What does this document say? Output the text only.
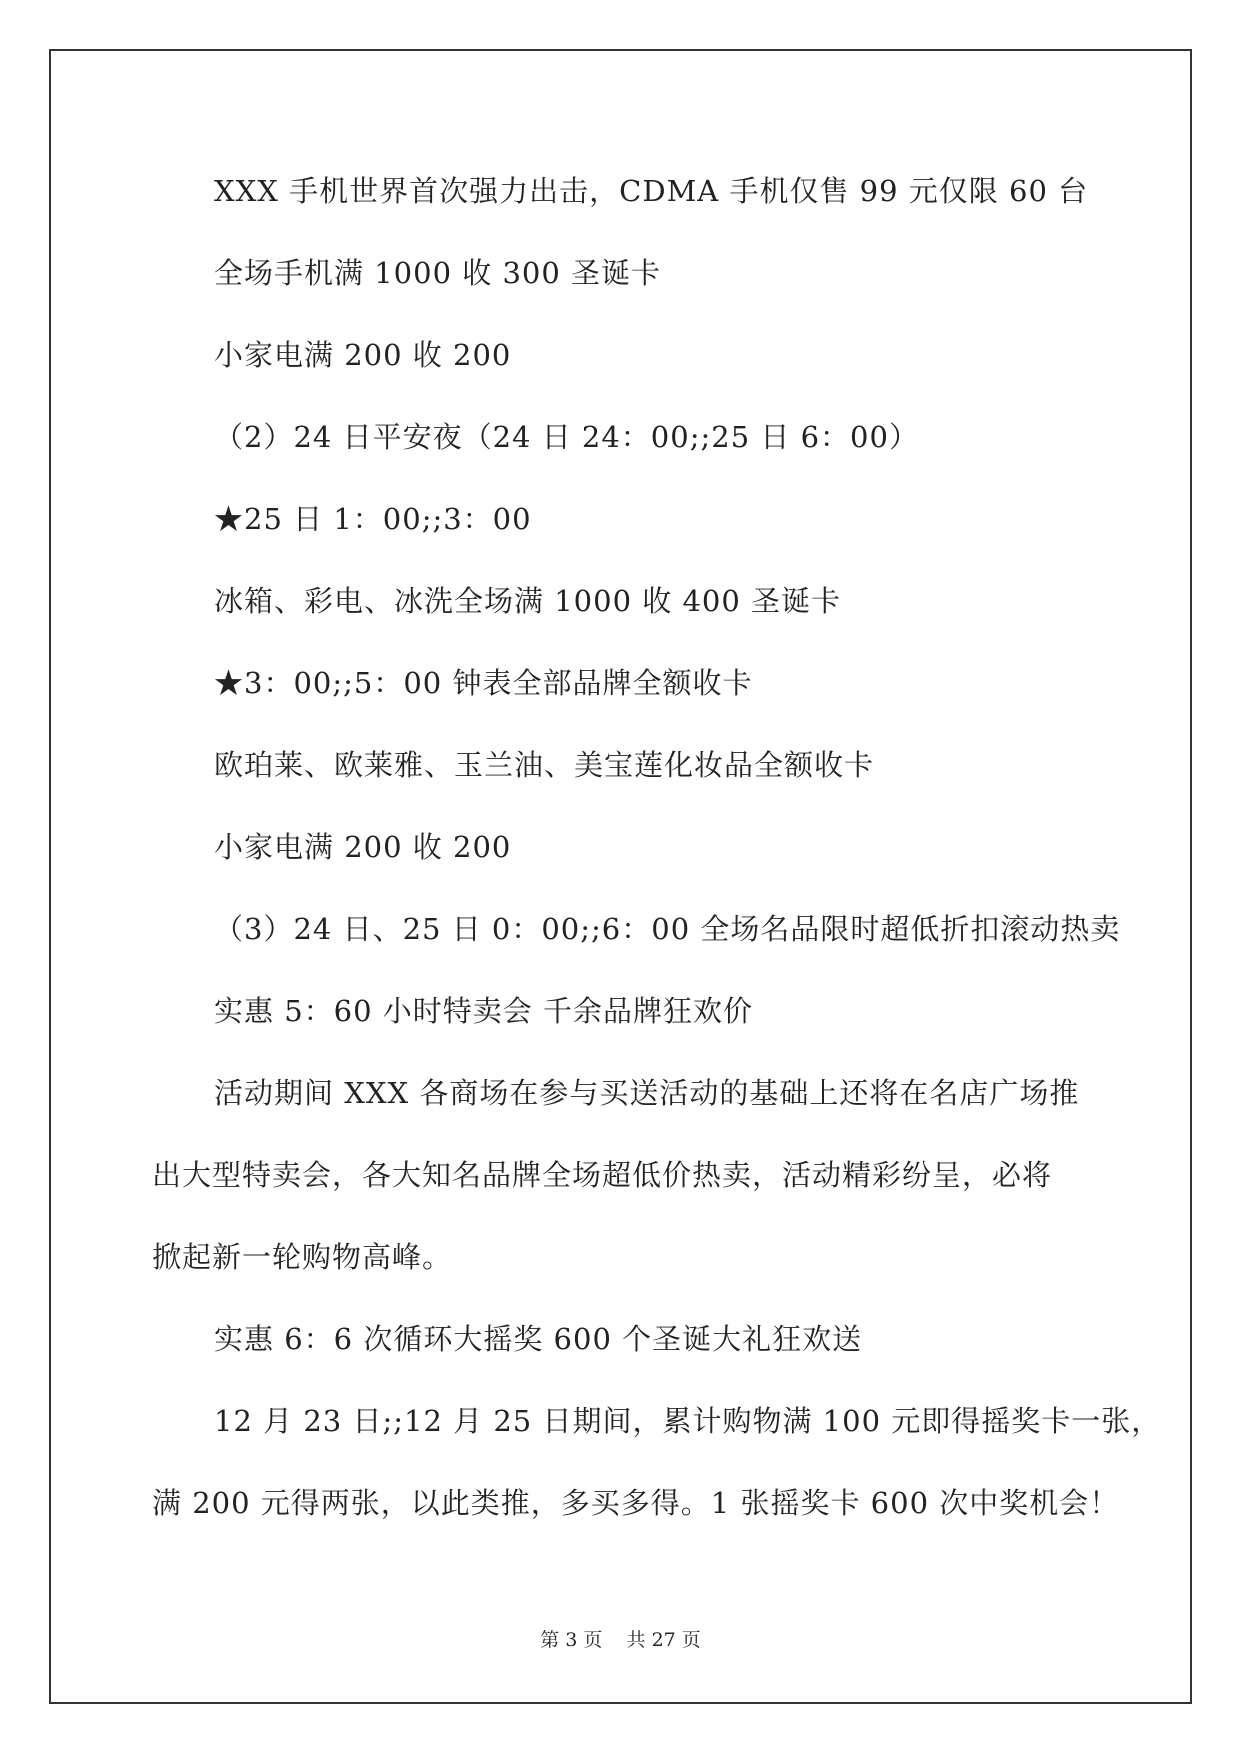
XXX 手机世界首次强力出击，CDMA 手机仅售 99 元仅限 60 台
全场手机满 1000 收 300 圣诞卡
小家电满 200 收 200
（2）24 日平安夜（24 日 24：00;;25 日 6：00）
★25 日 1：00;;3：00
冰箱、彩电、冰洗全场满 1000 收 400 圣诞卡
★3：00;;5：00 钟表全部品牌全额收卡
欧珀莱、欧莱雅、玉兰油、美宝莲化妆品全额收卡
小家电满 200 收 200
（3）24 日、25 日 0：00;;6：00 全场名品限时超低折扣滚动热卖
实惠 5：60 小时特卖会 千余品牌狂欢价
活动期间 XXX 各商场在参与买送活动的基础上还将在名店广场推
出大型特卖会，各大知名品牌全场超低价热卖，活动精彩纷呈，必将
掀起新一轮购物高峰。
实惠 6：6 次循环大摇奖 600 个圣诞大礼狂欢送
12 月 23 日;;12 月 25 日期间，累计购物满 100 元即得摇奖卡一张，
满 200 元得两张，以此类推，多买多得。1 张摇奖卡 600 次中奖机会！
第 3 页    共 27 页
